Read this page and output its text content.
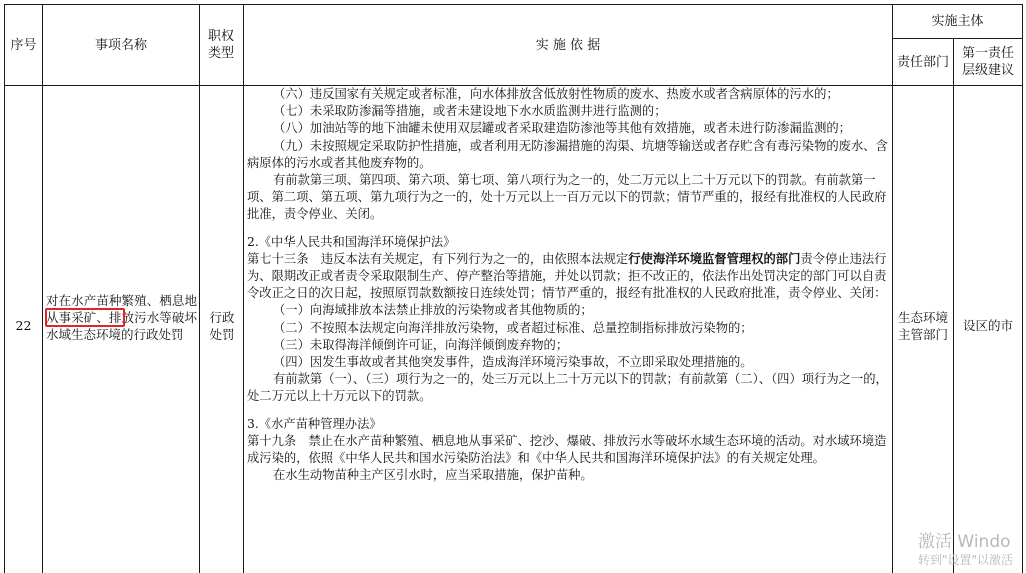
序号	事项名称
职权类型
实 施 依 据
实施主体
责任部门
第一责任层级建议
22
对在水产苗种繁殖、栖息地从事采矿、排放污水等破坏水域生态环境的行政处罚
行政处罚
生态环境主管部门
设区的市

（六）违反国家有关规定或者标准，向水体排放含低放射性物质的废水、热废水或者含病原体的污水的；

（七）未采取防渗漏等措施，或者未建设地下水水质监测井进行监测的；

（八）加油站等的地下油罐未使用双层罐或者采取建造防渗池等其他有效措施，或者未进行防渗漏监测的；

（九）未按照规定采取防护性措施，或者利用无防渗漏措施的沟渠、坑塘等输送或者存贮含有毒污染物的废水、含病原体的污水或者其他废弃物的。

有前款第三项、第四项、第六项、第七项、第八项行为之一的，处二万元以上二十万元以下的罚款。有前款第一项、第二项、第五项、第九项行为之一的，处十万元以上一百万元以下的罚款；情节严重的，报经有批准权的人民政府批准，责令停业、关闭。

2.《中华人民共和国海洋环境保护法》

第七十三条　违反本法有关规定，有下列行为之一的，由依照本法规定行使海洋环境监督管理权的部门责令停止违法行为、限期改正或者责令采取限制生产、停产整治等措施，并处以罚款；拒不改正的，依法作出处罚决定的部门可以自责令改正之日的次日起，按照原罚款数额按日连续处罚；情节严重的，报经有批准权的人民政府批准，责令停业、关闭：

（一）向海域排放本法禁止排放的污染物或者其他物质的；

（二）不按照本法规定向海洋排放污染物，或者超过标准、总量控制指标排放污染物的；

（三）未取得海洋倾倒许可证，向海洋倾倒废弃物的；

（四）因发生事故或者其他突发事件，造成海洋环境污染事故，不立即采取处理措施的。

有前款第（一）、（三）项行为之一的，处三万元以上二十万元以下的罚款；有前款第（二）、（四）项行为之一的，处二万元以上十万元以下的罚款。

3.《水产苗种管理办法》

第十九条　禁止在水产苗种繁殖、栖息地从事采矿、挖沙、爆破、排放污水等破坏水域生态环境的活动。对水域环境造成污染的，依照《中华人民共和国水污染防治法》和《中华人民共和国海洋环境保护法》的有关规定处理。

在水生动物苗种主产区引水时，应当采取措施，保护苗种。

激活 Windo
转到"设置"以激活
